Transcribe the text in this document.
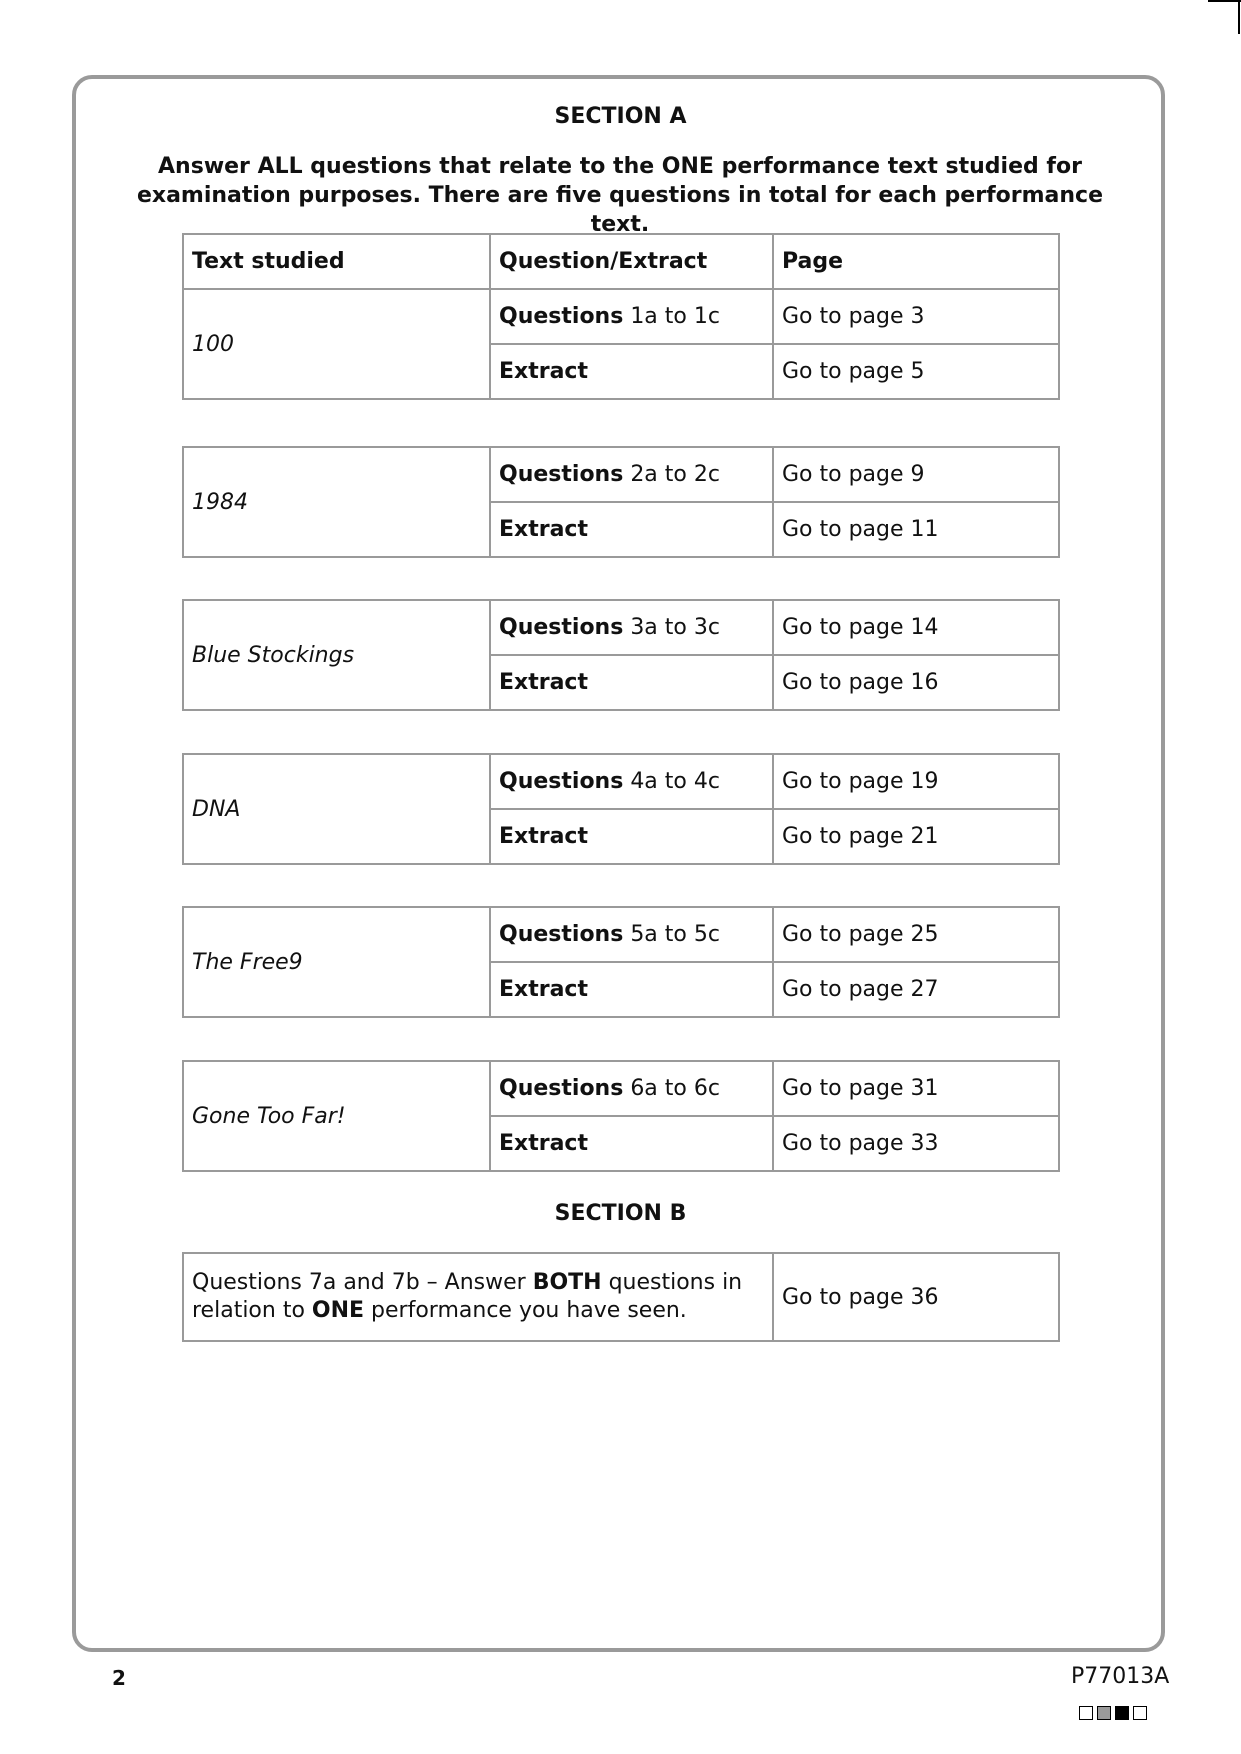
SECTION A
Answer ALL questions that relate to the ONE performance text studied for examination purposes. There are five questions in total for each performance text.
Text studied	Question/Extract	Page
100	Questions 1a to 1c	Go to page 3
	Extract	Go to page 5
1984	Questions 2a to 2c	Go to page 9
	Extract	Go to page 11
Blue Stockings	Questions 3a to 3c	Go to page 14
	Extract	Go to page 16
DNA	Questions 4a to 4c	Go to page 19
	Extract	Go to page 21
The Free9	Questions 5a to 5c	Go to page 25
	Extract	Go to page 27
Gone Too Far!	Questions 6a to 6c	Go to page 31
	Extract	Go to page 33
SECTION B
Questions 7a and 7b – Answer BOTH questions in relation to ONE performance you have seen.	Go to page 36
2	P77013A
